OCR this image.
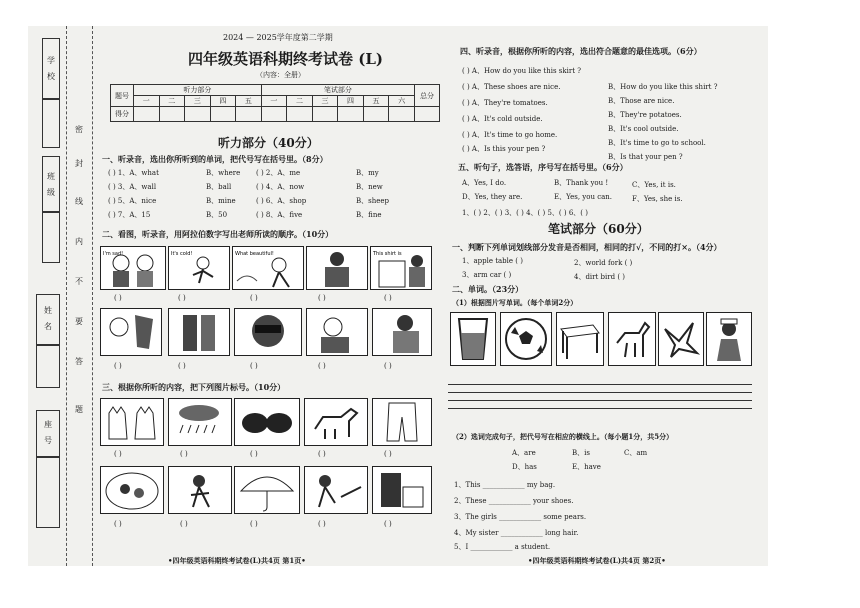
学
校
班
级
姓
名
座
号
密
封
线
内
不
要
答
题
2024 — 2025学年度第二学期
四年级英语科期终考试卷 (L)
（内容：全册）
题号	听力部分					笔试部分						总分
	一	二	三	四	五	一	二	三	四	五	六	
得分												
听力部分（40分）
一、听录音，选出你所听到的单词，把代号写在括号里。（8分）
( ) 1、A、what	B、where ( ) 2、A、me	B、my
( ) 3、A、wall	B、ball	( ) 4、A、now	B、new
( ) 5、A、nice	B、mine	( ) 6、A、shop	B、sheep
( ) 7、A、15	B、50	( ) 8、A、five	B、fine
二、看图，听录音，用阿拉伯数字写出老师所读的顺序。（10分）
I'm sad!	It's cold!	What beautiful!	This shirt is
( )	( )	( )	( )	( )
( )	( )	( )	( )	( )
三、根据你所听的内容，把下列图片标号。（10分）
( )	( )	( )	( )	( )
( )	( )	( )	( )	( )
•四年级英语科期终考试卷(L)共4页 第1页•
四、听录音，根据你所听的内容，选出符合题意的最佳选项。（6分）
( ) A、How do you like this skirt ?
B、How do you like this shirt ?
( ) A、These shoes are nice.
B、Those are nice.
( ) A、They're tomatoes.
B、They're potatoes.
( ) A、It's cold outside.
B、It's cool outside.
( ) A、It's time to go home.
B、It's time to go to school.
( ) A、Is this your pen ?
B、Is that your pen ?
五、听句子，选答语，序号写在括号里。（6分）
A、Yes, I do.	B、Thank you !	C、Yes, it is.
D、Yes, they are.	E、Yes, you can.	F、Yes, she is.
1、( ) 2、( ) 3、( ) 4、( ) 5、( ) 6、( )
笔试部分（60分）
一、判断下列单词划线部分发音是否相同，相同的打√，不同的打×。（4分）
1、apple table ( )	2、world fork ( )
3、arm car ( )	4、dirt bird ( )
二、单词。（23分）
（1）根据图片写单词。（每个单词2分）
（2）选词完成句子，把代号写在相应的横线上。（每小题1分，共5分）
A、are	B、is	C、am
D、has	E、have
1、This ____________ my bag.
2、These ____________ your shoes.
3、The girls ____________ some pears.
4、My sister ____________ long hair.
5、I ____________ a student.
•四年级英语科期终考试卷(L)共4页 第2页•
